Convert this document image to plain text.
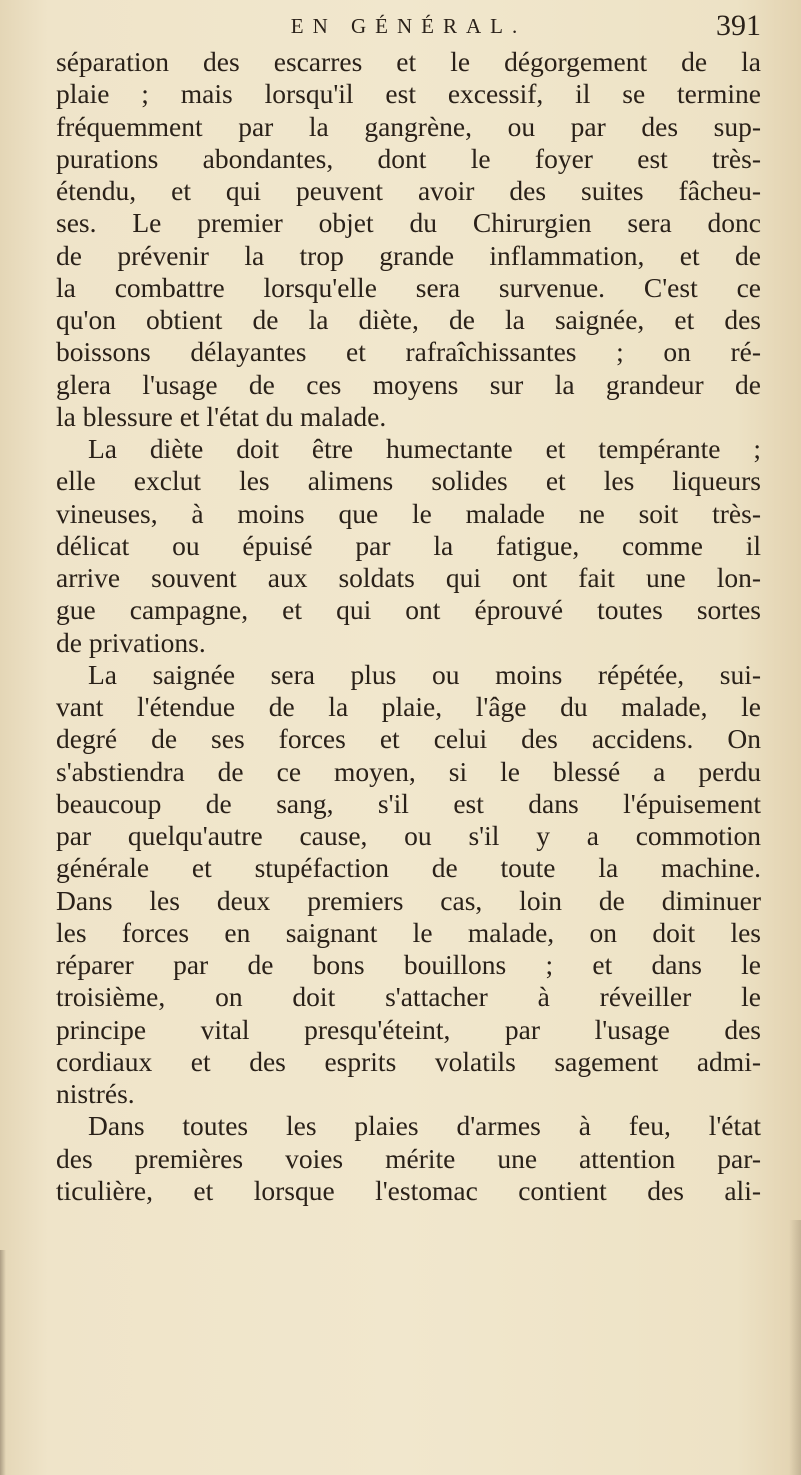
EN GÉNÉRAL.	391
séparation des escarres et le dégorgement de la
plaie ; mais lorsqu'il est excessif, il se termine
fréquemment par la gangrène, ou par des sup-
purations abondantes, dont le foyer est très-
étendu, et qui peuvent avoir des suites fâcheu-
ses. Le premier objet du Chirurgien sera donc
de prévenir la trop grande inflammation, et de
la combattre lorsqu'elle sera survenue. C'est ce
qu'on obtient de la diète, de la saignée, et des
boissons délayantes et rafraîchissantes ; on ré-
glera l'usage de ces moyens sur la grandeur de
la blessure et l'état du malade.
La diète doit être humectante et tempérante ;
elle exclut les alimens solides et les liqueurs
vineuses, à moins que le malade ne soit très-
délicat ou épuisé par la fatigue, comme il
arrive souvent aux soldats qui ont fait une lon-
gue campagne, et qui ont éprouvé toutes sortes
de privations.
La saignée sera plus ou moins répétée, sui-
vant l'étendue de la plaie, l'âge du malade, le
degré de ses forces et celui des accidens. On
s'abstiendra de ce moyen, si le blessé a perdu
beaucoup de sang, s'il est dans l'épuisement
par quelqu'autre cause, ou s'il y a commotion
générale et stupéfaction de toute la machine.
Dans les deux premiers cas, loin de diminuer
les forces en saignant le malade, on doit les
réparer par de bons bouillons ; et dans le
troisième, on doit s'attacher à réveiller le
principe vital presqu'éteint, par l'usage des
cordiaux et des esprits volatils sagement admi-
nistrés.
Dans toutes les plaies d'armes à feu, l'état
des premières voies mérite une attention par-
ticulière, et lorsque l'estomac contient des ali-
